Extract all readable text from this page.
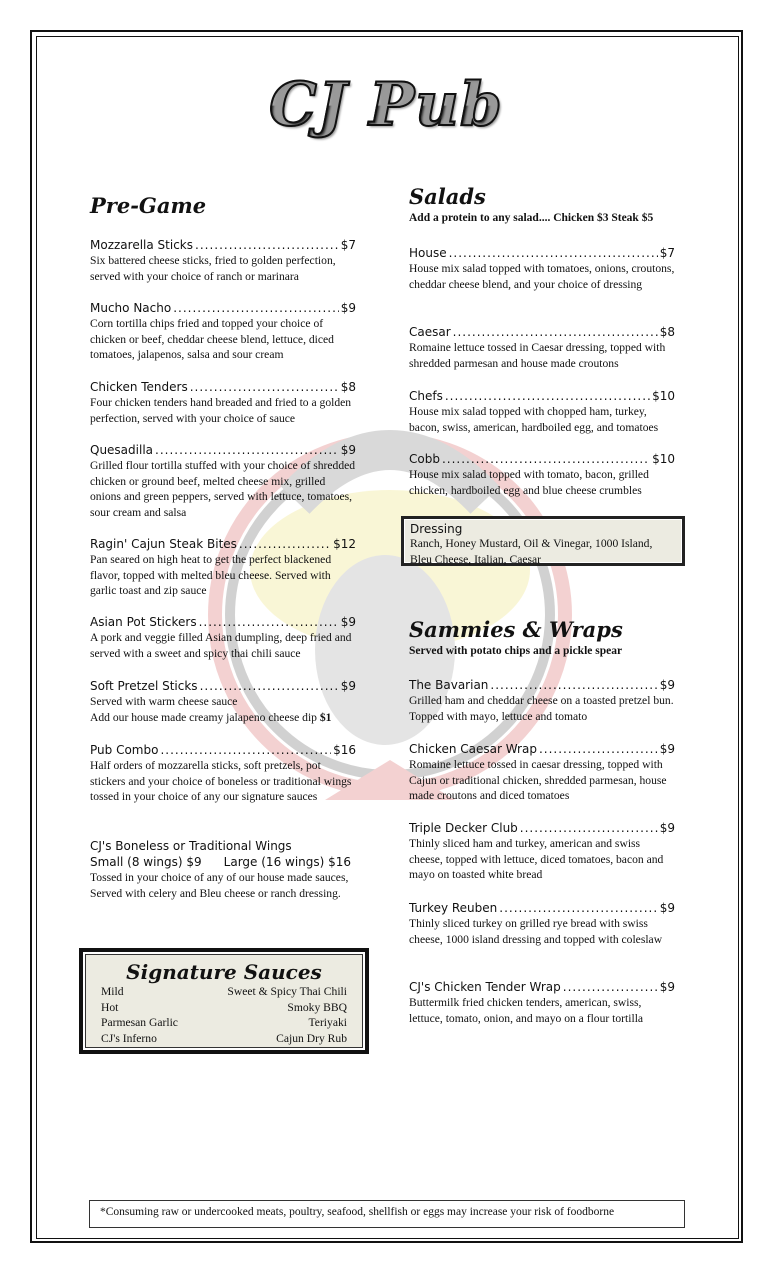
CJ Pub
Pre-Game
Mozzarella Sticks .....	$7
Six battered cheese sticks, fried to golden perfection, served with your choice of ranch or marinara
Mucho Nacho .....	$9
Corn tortilla chips fried and topped your choice of chicken or beef, cheddar cheese blend, lettuce, diced tomatoes, jalapenos, salsa and sour cream
Chicken Tenders .....	$8
Four chicken tenders hand breaded and fried to a golden perfection, served with your choice of sauce
Quesadilla .....	$9
Grilled flour tortilla stuffed with your choice of shredded chicken or ground beef, melted cheese mix, grilled onions and green peppers, served with lettuce, tomatoes, sour cream and salsa
Ragin' Cajun Steak Bites .....	$12
Pan seared on high heat to get the perfect blackened flavor, topped with melted bleu cheese. Served with garlic toast and zip sauce
Asian Pot Stickers .....	$9
A pork and veggie filled Asian dumpling, deep fried and served with a sweet and spicy thai chili sauce
Soft Pretzel Sticks .....	$9
Served with warm cheese sauce
Add our house made creamy jalapeno cheese dip $1
Pub Combo .....	$16
Half orders of mozzarella sticks, soft pretzels, pot stickers and your choice of boneless or traditional wings tossed in your choice of any our signature sauces
CJ's Boneless or Traditional Wings
Small (8 wings) $9 Large (16 wings) $16
Tossed in your choice of any of our house made sauces, Served with celery and Bleu cheese or ranch dressing.
Signature Sauces
Mild	Sweet & Spicy Thai Chili
Hot	Smoky BBQ
Parmesan Garlic	Teriyaki
CJ's Inferno	Cajun Dry Rub
Salads
Add a protein to any salad.... Chicken $3 Steak $5
House .....	$7
House mix salad topped with tomatoes, onions, croutons, cheddar cheese blend, and your choice of dressing
Caesar .....	$8
Romaine lettuce tossed in Caesar dressing, topped with shredded parmesan and house made croutons
Chefs .....	$10
House mix salad topped with chopped ham, turkey, bacon, swiss, american, hardboiled egg, and tomatoes
Cobb .....	$10
House mix salad topped with tomato, bacon, grilled chicken, hardboiled egg and blue cheese crumbles
Dressing
Ranch, Honey Mustard, Oil & Vinegar, 1000 Island, Bleu Cheese, Italian, Caesar
Sammies & Wraps
Served with potato chips and a pickle spear
The Bavarian .....	$9
Grilled ham and cheddar cheese on a toasted pretzel bun. Topped with mayo, lettuce and tomato
Chicken Caesar Wrap .....	$9
Romaine lettuce tossed in caesar dressing, topped with Cajun or traditional chicken, shredded parmesan, house made croutons and diced tomatoes
Triple Decker Club .....	$9
Thinly sliced ham and turkey, american and swiss cheese, topped with lettuce, diced tomatoes, bacon and mayo on toasted white bread
Turkey Reuben .....	$9
Thinly sliced turkey on grilled rye bread with swiss cheese, 1000 island dressing and topped with coleslaw
CJ's Chicken Tender Wrap .....	$9
Buttermilk fried chicken tenders, american, swiss, lettuce, tomato, onion, and mayo on a flour tortilla
*Consuming raw or undercooked meats, poultry, seafood, shellfish or eggs may increase your risk of foodborne
